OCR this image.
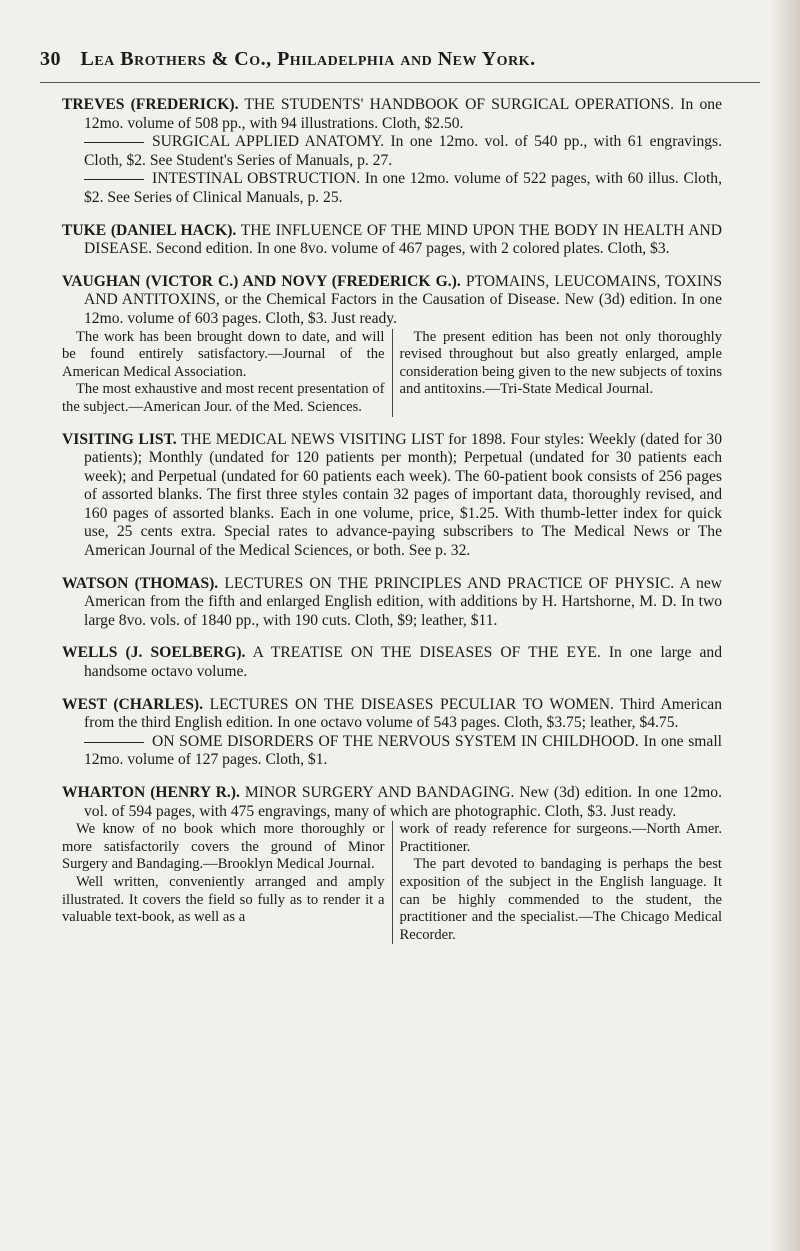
30 Lea Brothers & Co., Philadelphia and New York.

TREVES (FREDERICK). THE STUDENTS' HANDBOOK OF SURGICAL OPERATIONS. In one 12mo. volume of 508 pp., with 94 illustrations. Cloth, $2.50.

SURGICAL APPLIED ANATOMY. In one 12mo. vol. of 540 pp., with 61 engravings. Cloth, $2. See Student's Series of Manuals, p. 27.

INTESTINAL OBSTRUCTION. In one 12mo. volume of 522 pages, with 60 illus. Cloth, $2. See Series of Clinical Manuals, p. 25.

TUKE (DANIEL HACK). THE INFLUENCE OF THE MIND UPON THE BODY IN HEALTH AND DISEASE. Second edition. In one 8vo. volume of 467 pages, with 2 colored plates. Cloth, $3.

VAUGHAN (VICTOR C.) AND NOVY (FREDERICK G.). PTOMAINS, LEUCOMAINS, TOXINS AND ANTITOXINS, or the Chemical Factors in the Causation of Disease. New (3d) edition. In one 12mo. volume of 603 pages. Cloth, $3. Just ready.

The work has been brought down to date, and will be found entirely satisfactory.—Journal of the American Medical Association.

The most exhaustive and most recent presentation of the subject.—American Jour. of the Med. Sciences.

The present edition has been not only thoroughly revised throughout but also greatly enlarged, ample consideration being given to the new subjects of toxins and antitoxins.—Tri-State Medical Journal.

VISITING LIST. THE MEDICAL NEWS VISITING LIST for 1898. Four styles: Weekly (dated for 30 patients); Monthly (undated for 120 patients per month); Perpetual (undated for 30 patients each week); and Perpetual (undated for 60 patients each week). The 60-patient book consists of 256 pages of assorted blanks. The first three styles contain 32 pages of important data, thoroughly revised, and 160 pages of assorted blanks. Each in one volume, price, $1.25. With thumb-letter index for quick use, 25 cents extra. Special rates to advance-paying subscribers to The Medical News or The American Journal of the Medical Sciences, or both. See p. 32.

WATSON (THOMAS). LECTURES ON THE PRINCIPLES AND PRACTICE OF PHYSIC. A new American from the fifth and enlarged English edition, with additions by H. Hartshorne, M. D. In two large 8vo. vols. of 1840 pp., with 190 cuts. Cloth, $9; leather, $11.

WELLS (J. SOELBERG). A TREATISE ON THE DISEASES OF THE EYE. In one large and handsome octavo volume.

WEST (CHARLES). LECTURES ON THE DISEASES PECULIAR TO WOMEN. Third American from the third English edition. In one octavo volume of 543 pages. Cloth, $3.75; leather, $4.75.

ON SOME DISORDERS OF THE NERVOUS SYSTEM IN CHILDHOOD. In one small 12mo. volume of 127 pages. Cloth, $1.

WHARTON (HENRY R.). MINOR SURGERY AND BANDAGING. New (3d) edition. In one 12mo. vol. of 594 pages, with 475 engravings, many of which are photographic. Cloth, $3. Just ready.

We know of no book which more thoroughly or more satisfactorily covers the ground of Minor Surgery and Bandaging.—Brooklyn Medical Journal.

Well written, conveniently arranged and amply illustrated. It covers the field so fully as to render it a valuable text-book, as well as a

work of ready reference for surgeons.—North Amer. Practitioner.

The part devoted to bandaging is perhaps the best exposition of the subject in the English language. It can be highly commended to the student, the practitioner and the specialist.—The Chicago Medical Recorder.
